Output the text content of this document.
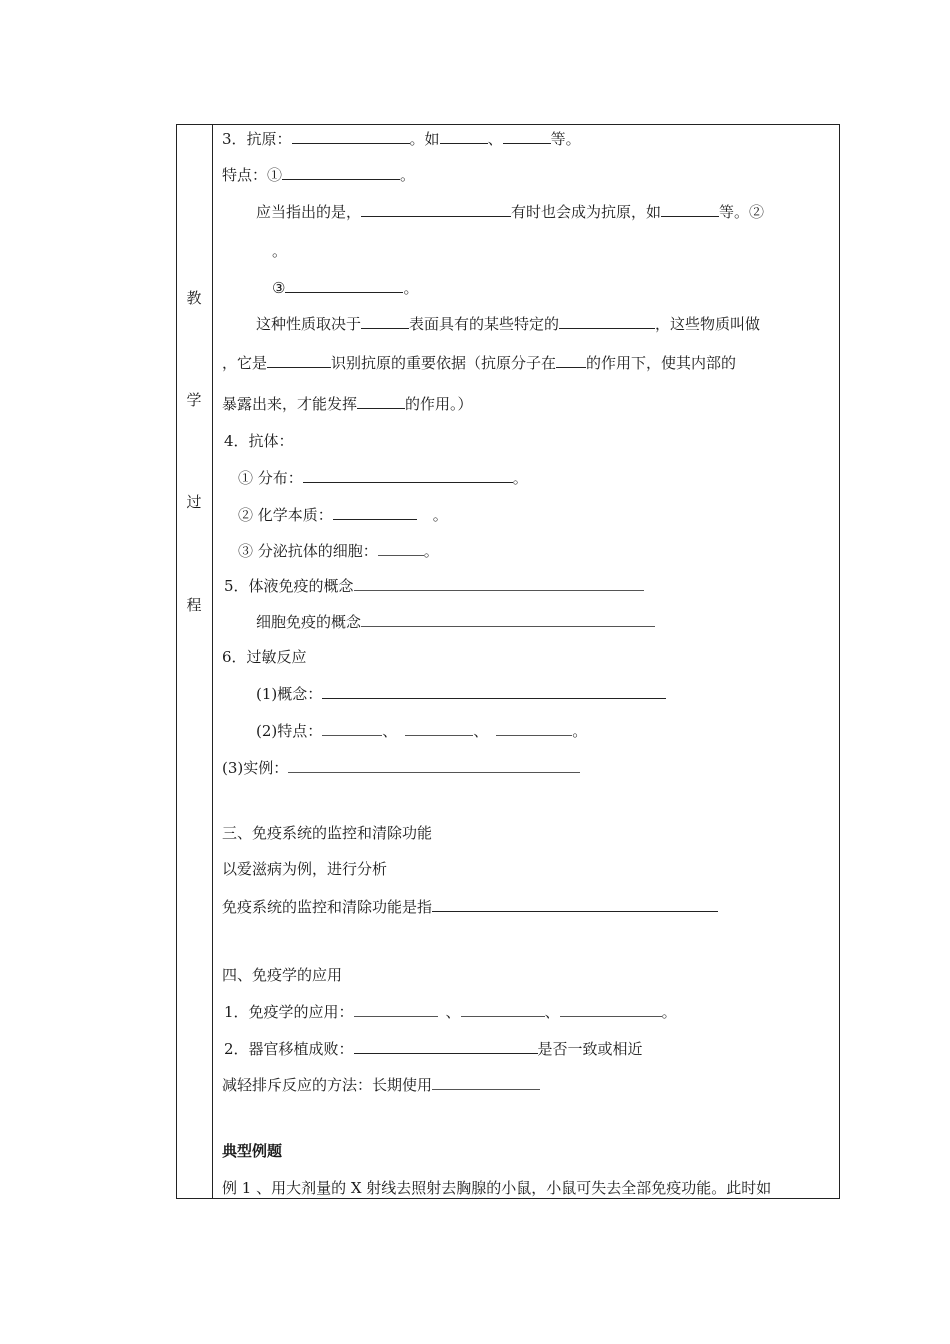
教
学
过
程
3．抗原：	。如	、	等。
特点：①	。
应当指出的是，	有时也会成为抗原，如	等。②
。
③	。
这种性质取决于	表面具有的某些特定的	，这些物质叫做
，它是	识别抗原的重要依据（抗原分子在 的作用下，使其内部的
暴露出来，才能发挥	的作用。）
4．抗体：
① 分布：	。
② 化学本质：	。
③ 分泌抗体的细胞：	。
5．体液免疫的概念
细胞免疫的概念
6．过敏反应
(1)概念：
(2)特点：	、	、	。
(3)实例：
三、免疫系统的监控和清除功能
以爱滋病为例，进行分析
免疫系统的监控和清除功能是指
四、免疫学的应用
1．免疫学的应用：	、	、	。
2．器官移植成败：	是否一致或相近
减轻排斥反应的方法：长期使用
典型例题
例 1 、用大剂量的 X 射线去照射去胸腺的小鼠，小鼠可失去全部免疫功能。此时如
